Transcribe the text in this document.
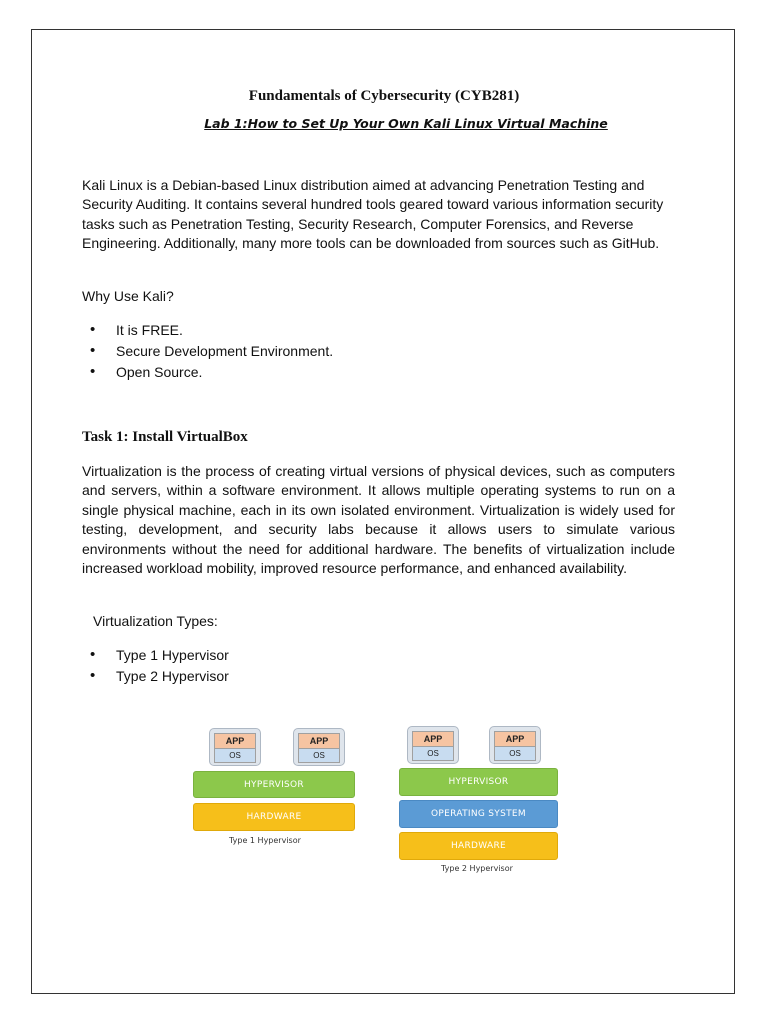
Fundamentals of Cybersecurity (CYB281)
Lab 1:How to Set Up Your Own Kali Linux Virtual Machine

Kali Linux is a Debian-based Linux distribution aimed at advancing Penetration Testing and Security Auditing. It contains several hundred tools geared toward various information security tasks such as Penetration Testing, Security Research, Computer Forensics, and Reverse Engineering. Additionally, many more tools can be downloaded from sources such as GitHub.

Why Use Kali?
• It is FREE.
• Secure Development Environment.
• Open Source.
Task 1: Install VirtualBox

Virtualization is the process of creating virtual versions of physical devices, such as computers and servers, within a software environment. It allows multiple operating systems to run on a single physical machine, each in its own isolated environment. Virtualization is widely used for testing, development, and security labs because it allows users to simulate various environments without the need for additional hardware. The benefits of virtualization include increased workload mobility, improved resource performance, and enhanced availability.

Virtualization Types:
• Type 1 Hypervisor
• Type 2 Hypervisor
APP
OS
APP
OS
HYPERVISOR
HARDWARE
Type 1 Hypervisor
APP
OS
APP
OS
HYPERVISOR
OPERATING SYSTEM
HARDWARE
Type 2 Hypervisor
